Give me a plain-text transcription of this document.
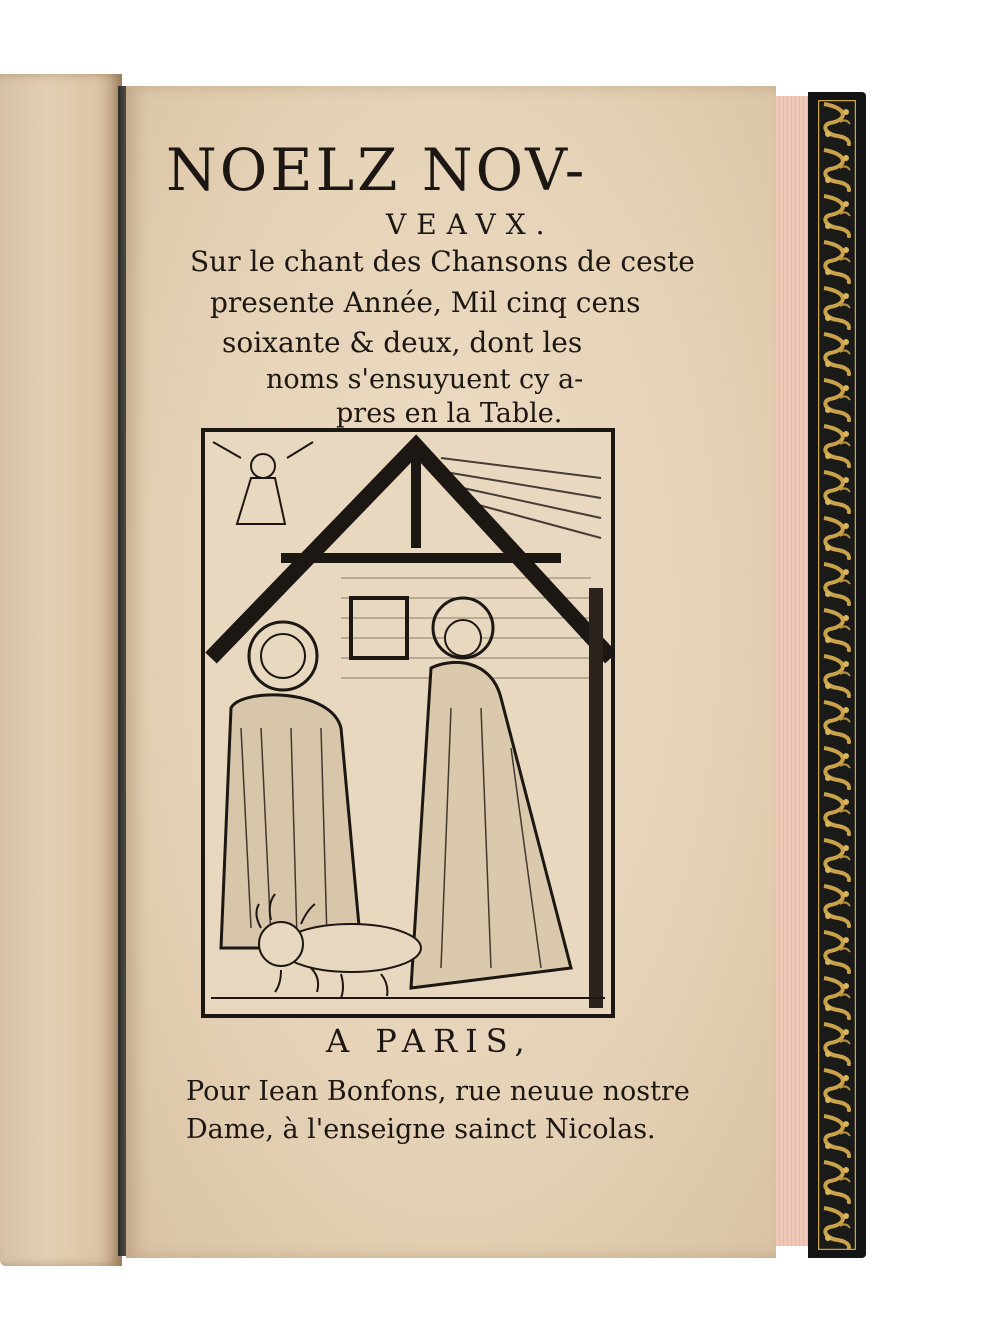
NOELZ NOV-
VEAVX.
Sur le chant des Chansons de ceste
presente Année, Mil cinq cens
soixante & deux, dont les
noms s'ensuyuent cy a-
pres en la Table.
A PARIS,
Pour Iean Bonfons, rue neuue nostre
Dame, à l'enseigne sainct Nicolas.
